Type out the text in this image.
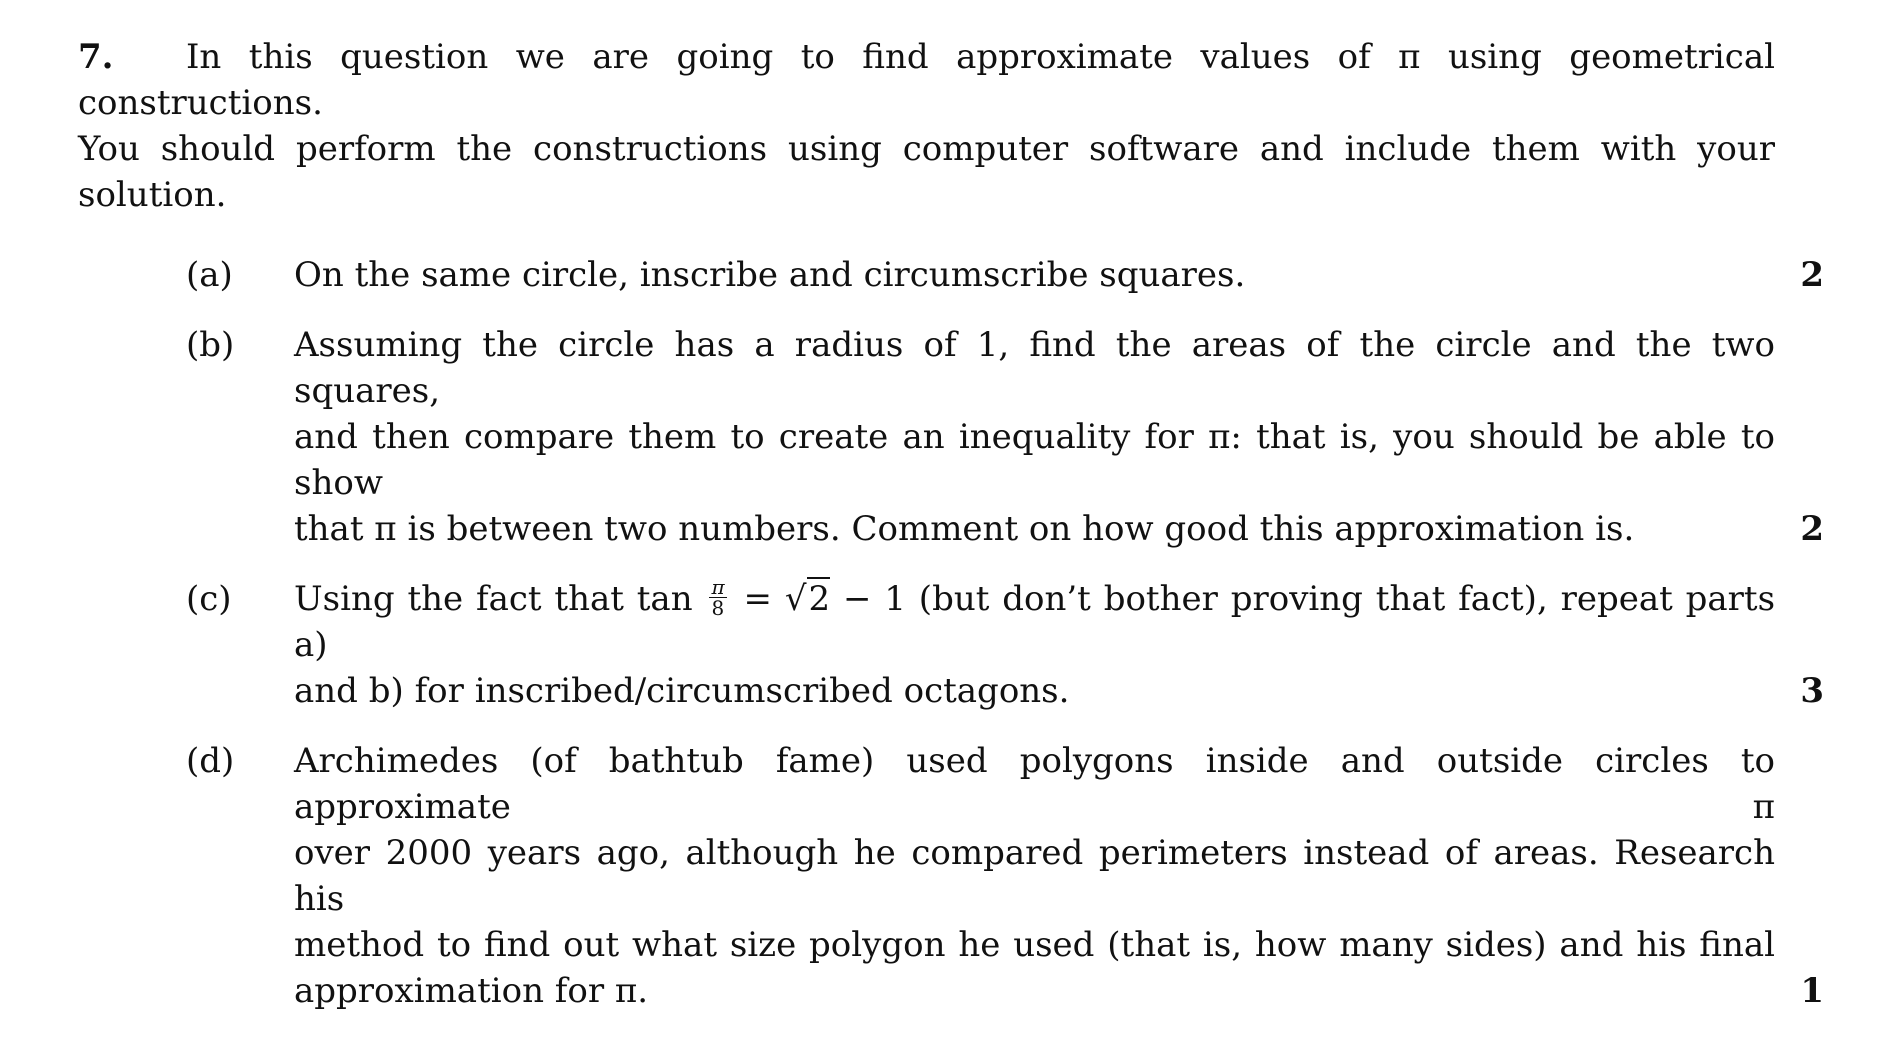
7. In this question we are going to find approximate values of π using geometrical constructions.
You should perform the constructions using computer software and include them with your solution.
(a) On the same circle, inscribe and circumscribe squares.	2
(b) Assuming the circle has a radius of 1, find the areas of the circle and the two squares,
and then compare them to create an inequality for π: that is, you should be able to show
that π is between two numbers. Comment on how good this approximation is.	2
(c) Using the fact that $\tan \frac{\pi}{8} = √2 - 1$ (but don’t bother proving that fact), repeat parts a)
and b) for inscribed/circumscribed octagons.	3
(d) Archimedes (of bathtub fame) used polygons inside and outside circles to approximate π
over 2000 years ago, although he compared perimeters instead of areas. Research his
method to find out what size polygon he used (that is, how many sides) and his final
approximation for π.	1
